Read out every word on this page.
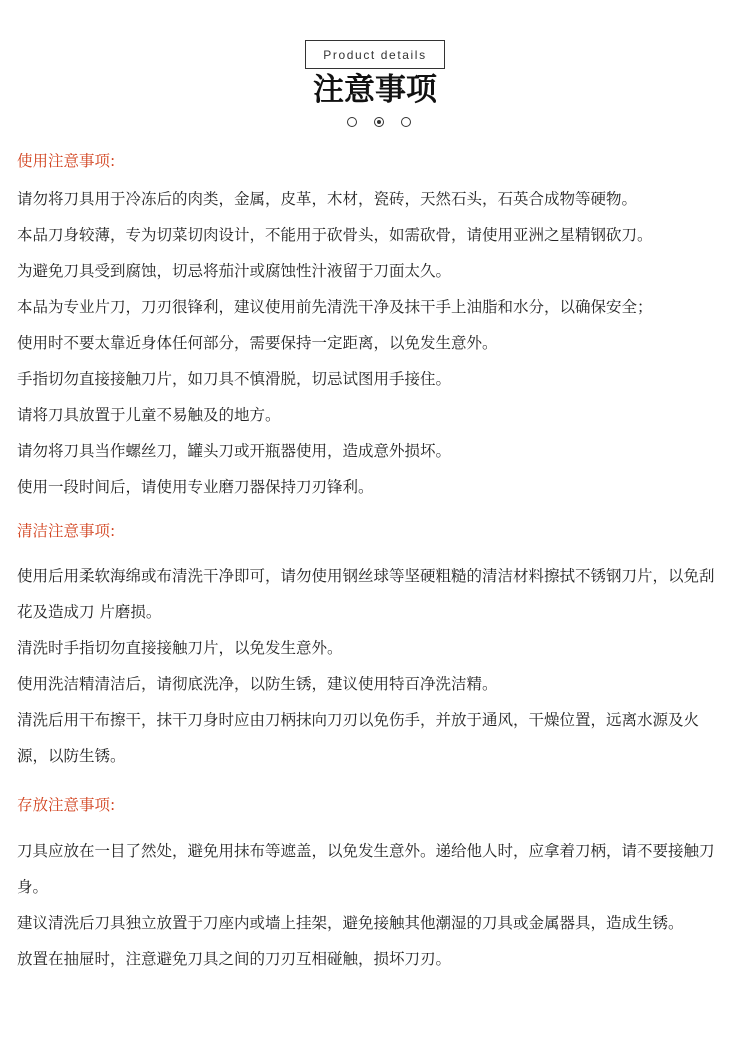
Product details
注意事项
使用注意事项:

请勿将刀具用于冷冻后的肉类，金属，皮革，木材，瓷砖，天然石头，石英合成物等硬物。

本品刀身较薄，专为切菜切肉设计，不能用于砍骨头，如需砍骨，请使用亚洲之星精钢砍刀。

为避免刀具受到腐蚀，切忌将茄汁或腐蚀性汁液留于刀面太久。

本品为专业片刀，刀刃很锋利，建议使用前先清洗干净及抹干手上油脂和水分，以确保安全；

使用时不要太靠近身体任何部分，需要保持一定距离，以免发生意外。

手指切勿直接接触刀片，如刀具不慎滑脱，切忌试图用手接住。

请将刀具放置于儿童不易触及的地方。

请勿将刀具当作螺丝刀，罐头刀或开瓶器使用，造成意外损坏。

使用一段时间后，请使用专业磨刀器保持刀刃锋利。

清洁注意事项:

使用后用柔软海绵或布清洗干净即可，请勿使用钢丝球等坚硬粗糙的清洁材料擦拭不锈钢刀片，以免刮花及造成刀 片磨损。

清洗时手指切勿直接接触刀片，以免发生意外。

使用洗洁精清洁后，请彻底洗净，以防生锈，建议使用特百净洗洁精。

清洗后用干布擦干，抹干刀身时应由刀柄抹向刀刃以免伤手，并放于通风，干燥位置，远离水源及火源，以防生锈。

存放注意事项:

刀具应放在一目了然处，避免用抹布等遮盖，以免发生意外。递给他人时，应拿着刀柄，请不要接触刀身。

建议清洗后刀具独立放置于刀座内或墙上挂架，避免接触其他潮湿的刀具或金属器具，造成生锈。

放置在抽屉时，注意避免刀具之间的刀刃互相碰触，损坏刀刃。
